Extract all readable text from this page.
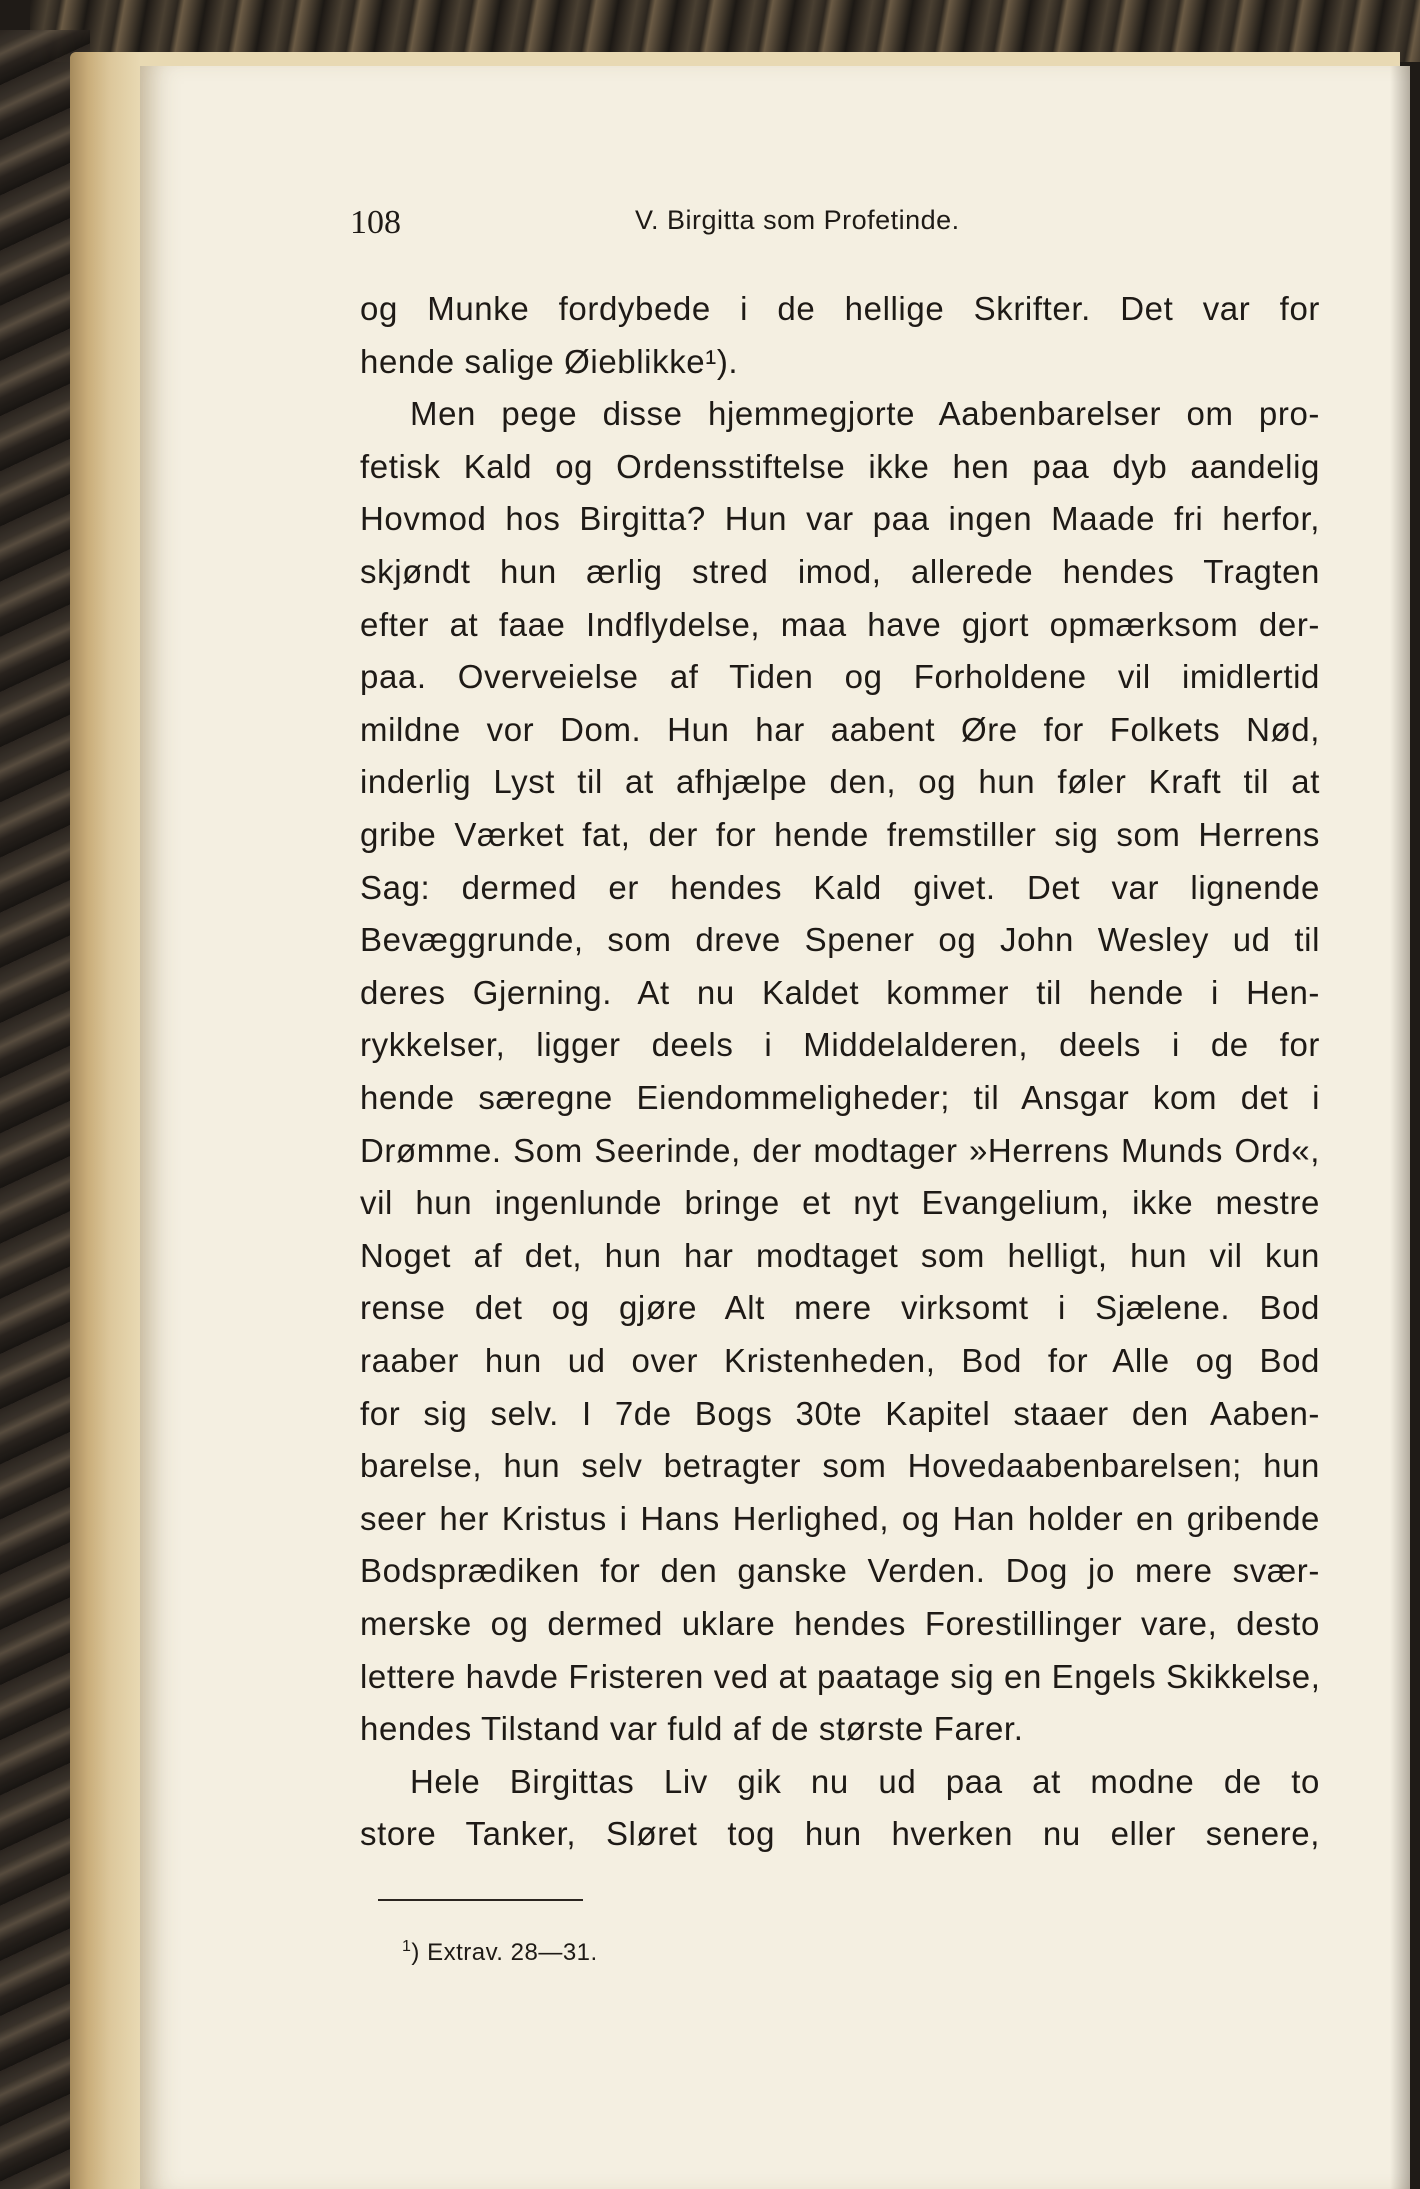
108	V. Birgitta som Profetinde.
og Munke fordybede i de hellige Skrifter. Det var for
hende salige Øieblikke¹).
Men pege disse hjemmegjorte Aabenbarelser om pro-
fetisk Kald og Ordensstiftelse ikke hen paa dyb aandelig
Hovmod hos Birgitta? Hun var paa ingen Maade fri herfor,
skjøndt hun ærlig stred imod, allerede hendes Tragten
efter at faae Indflydelse, maa have gjort opmærksom der-
paa. Overveielse af Tiden og Forholdene vil imidlertid
mildne vor Dom. Hun har aabent Øre for Folkets Nød,
inderlig Lyst til at afhjælpe den, og hun føler Kraft til at
gribe Værket fat, der for hende fremstiller sig som Herrens
Sag: dermed er hendes Kald givet. Det var lignende
Bevæggrunde, som dreve Spener og John Wesley ud til
deres Gjerning. At nu Kaldet kommer til hende i Hen-
rykkelser, ligger deels i Middelalderen, deels i de for
hende særegne Eiendommeligheder; til Ansgar kom det i
Drømme. Som Seerinde, der modtager »Herrens Munds Ord«,
vil hun ingenlunde bringe et nyt Evangelium, ikke mestre
Noget af det, hun har modtaget som helligt, hun vil kun
rense det og gjøre Alt mere virksomt i Sjælene. Bod
raaber hun ud over Kristenheden, Bod for Alle og Bod
for sig selv. I 7de Bogs 30te Kapitel staaer den Aaben-
barelse, hun selv betragter som Hovedaabenbarelsen; hun
seer her Kristus i Hans Herlighed, og Han holder en gribende
Bodsprædiken for den ganske Verden. Dog jo mere svær-
merske og dermed uklare hendes Forestillinger vare, desto
lettere havde Fristeren ved at paatage sig en Engels Skikkelse,
hendes Tilstand var fuld af de største Farer.
Hele Birgittas Liv gik nu ud paa at modne de to
store Tanker, Sløret tog hun hverken nu eller senere,
$^1$) Extrav. 28—31.
